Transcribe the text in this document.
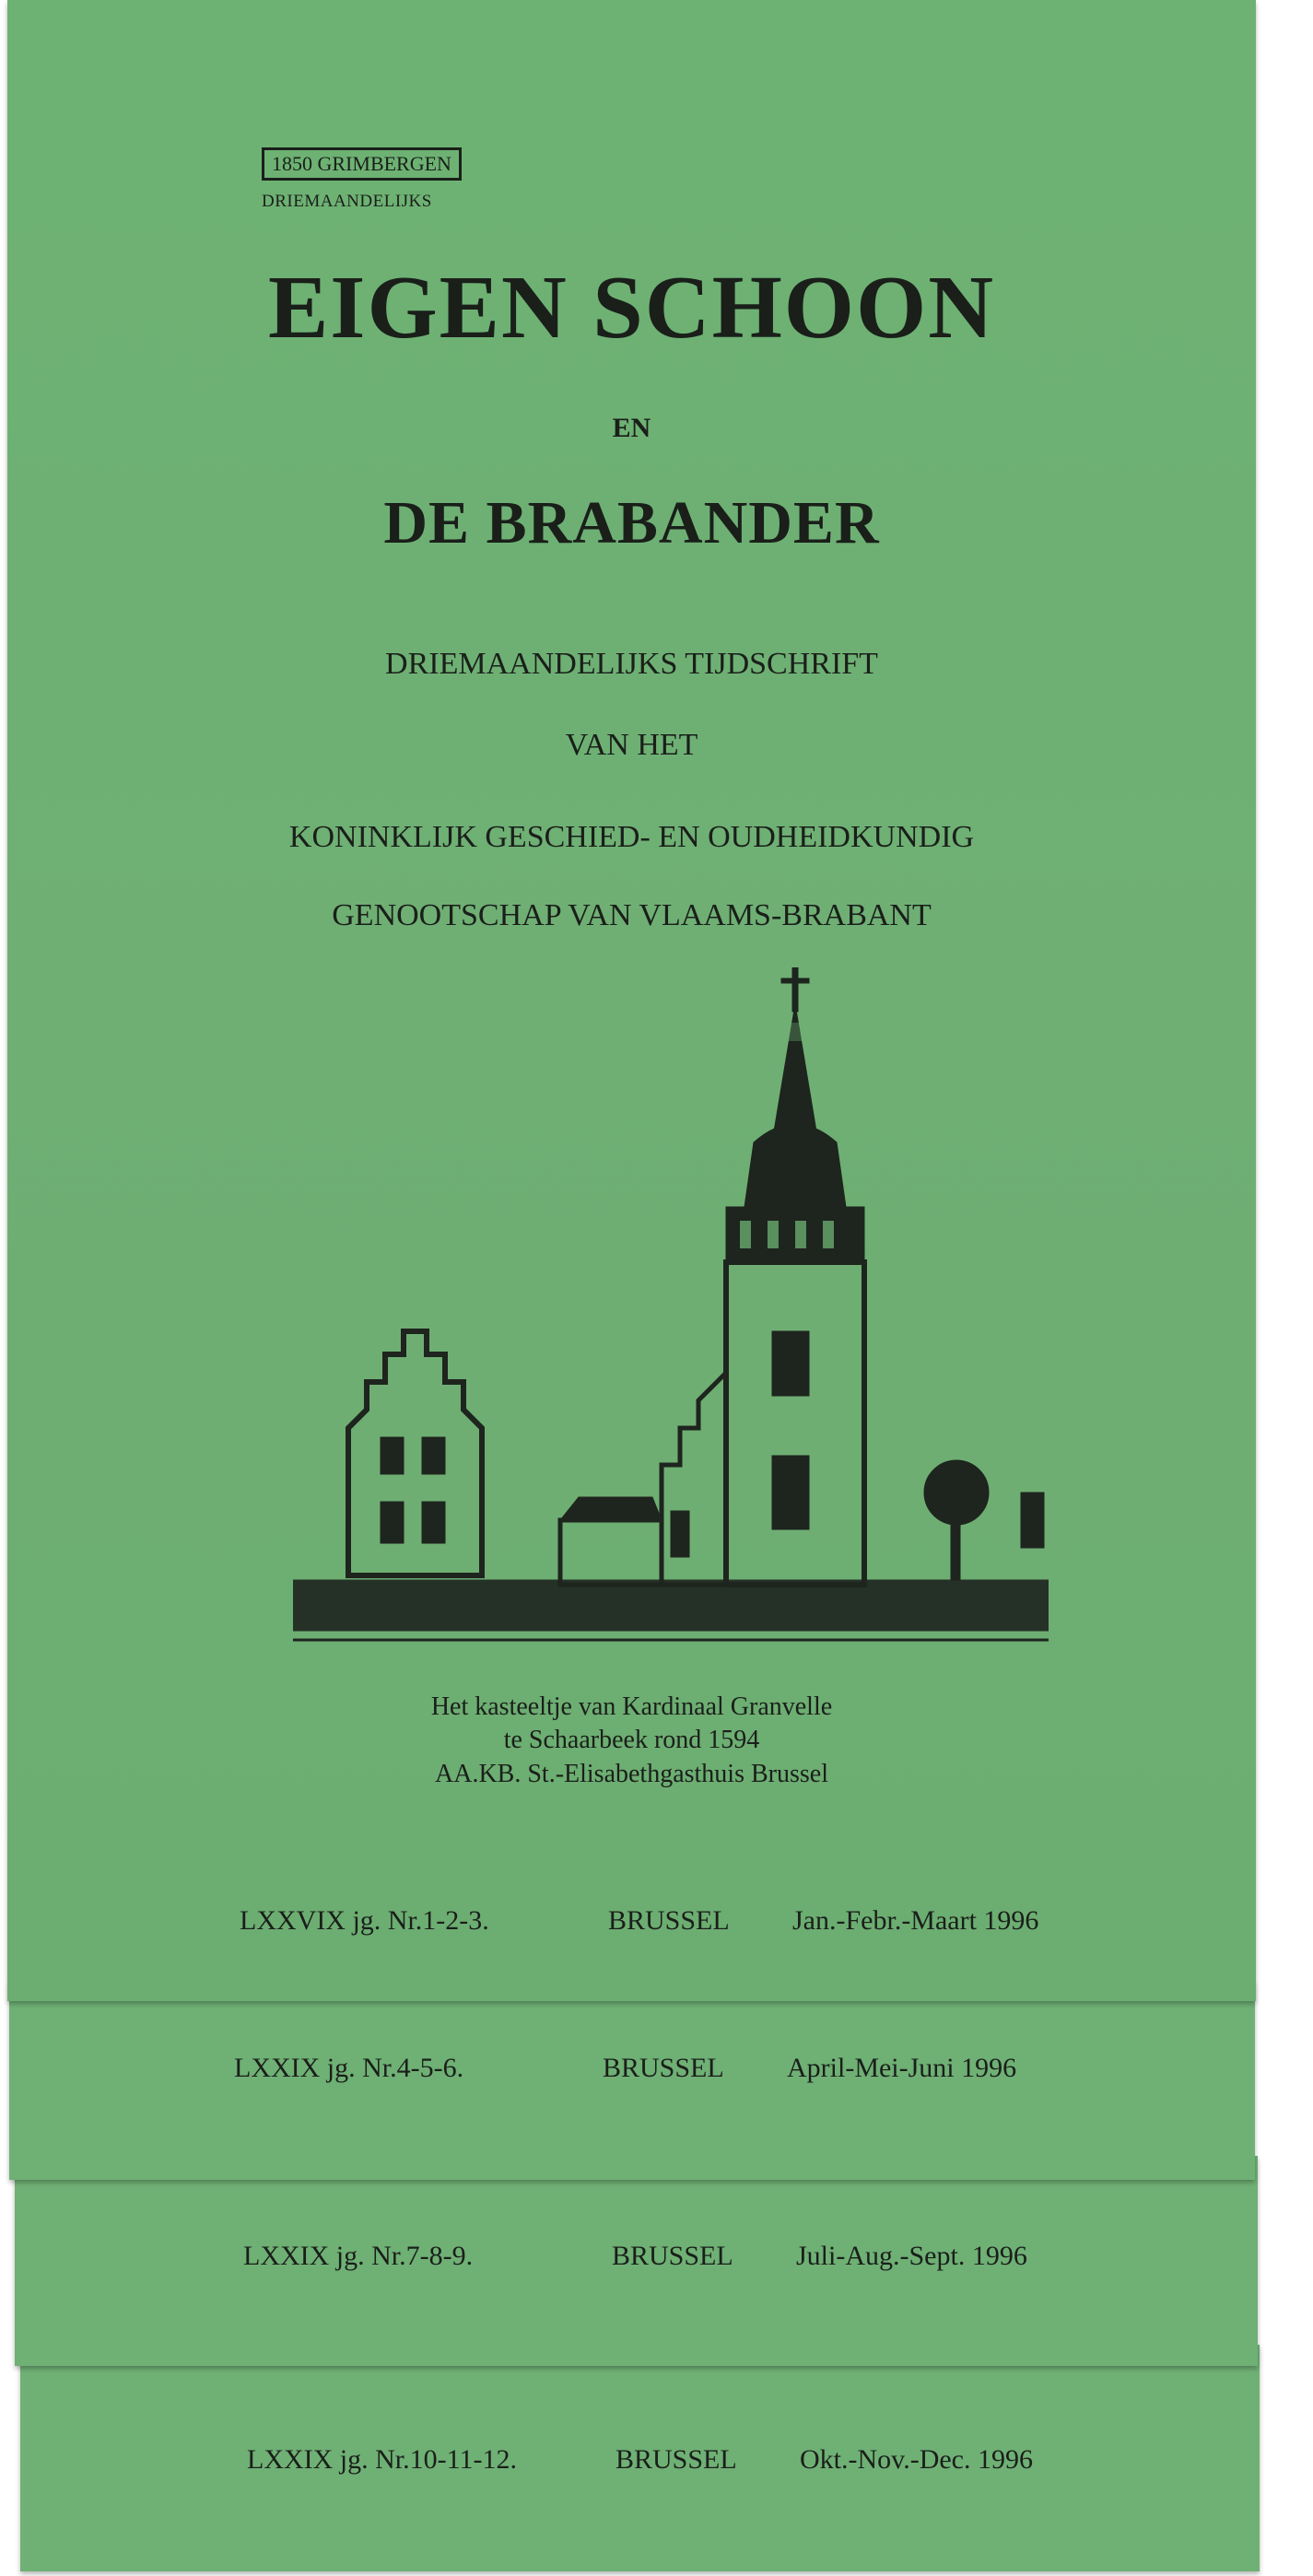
LXXIX jg. Nr.10-11-12.	BRUSSEL	Okt.-Nov.-Dec. 1996
LXXIX jg. Nr.7-8-9.	BRUSSEL	Juli-Aug.-Sept. 1996
LXXIX jg. Nr.4-5-6.	BRUSSEL	April-Mei-Juni 1996
1850 GRIMBERGEN
DRIEMAANDELIJKS
EIGEN SCHOON
EN
DE BRABANDER
DRIEMAANDELIJKS TIJDSCHRIFT
VAN HET
KONINKLIJK GESCHIED- EN OUDHEIDKUNDIG
GENOOTSCHAP VAN VLAAMS-BRABANT
Het kasteeltje van Kardinaal Granvelle
te Schaarbeek rond 1594
AA.KB. St.-Elisabethgasthuis Brussel
LXXVIX jg. Nr.1-2-3.	BRUSSEL	Jan.-Febr.-Maart 1996
